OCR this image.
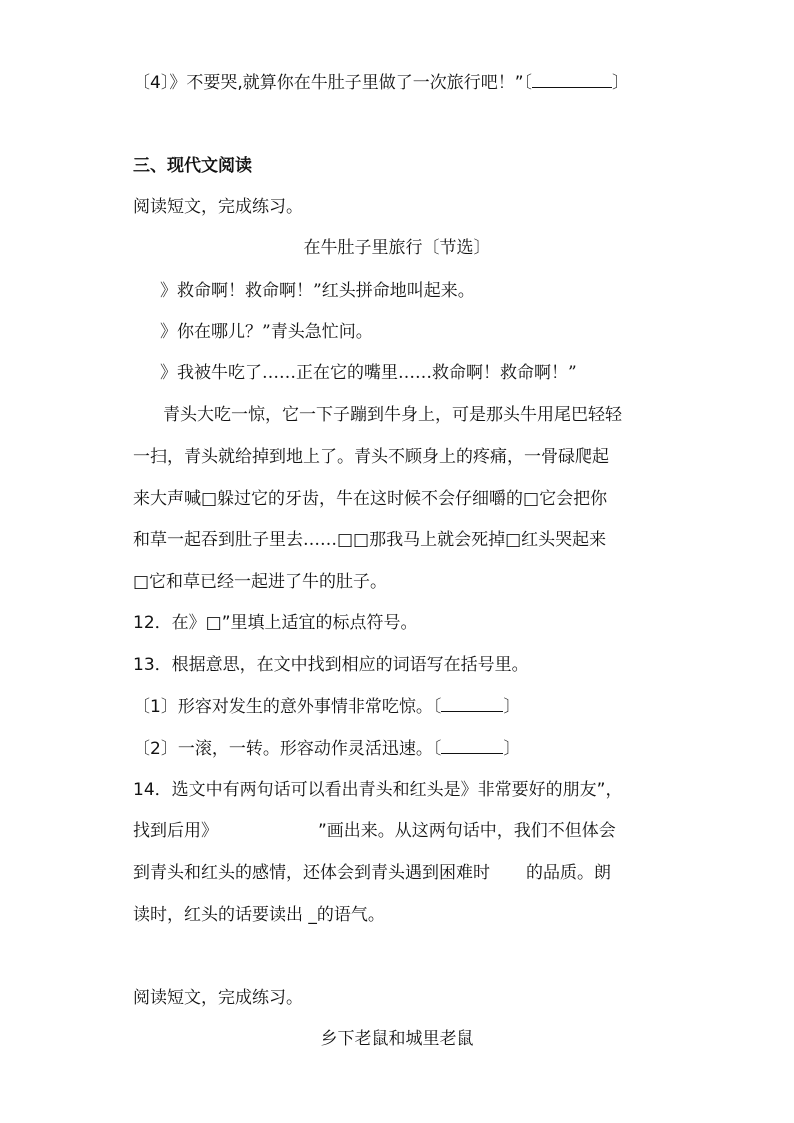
〔4〕》不要哭,就算你在牛肚子里做了一次旅行吧！”〔	〕
三、现代文阅读
阅读短文，完成练习。
在牛肚子里旅行〔节选〕
》救命啊！救命啊！”红头拼命地叫起来。
》你在哪儿？”青头急忙问。
》我被牛吃了……正在它的嘴里……救命啊！救命啊！”
青头大吃一惊，它一下子蹦到牛身上，可是那头牛用尾巴轻轻
一扫，青头就给掉到地上了。青头不顾身上的疼痛，一骨碌爬起
来大声喊□躲过它的牙齿，牛在这时候不会仔细嚼的□它会把你
和草一起吞到肚子里去……□□那我马上就会死掉□红头哭起来
□它和草已经一起进了牛的肚子。
12．在》□”里填上适宜的标点符号。
13．根据意思，在文中找到相应的词语写在括号里。
〔1〕形容对发生的意外事情非常吃惊。〔	〕
〔2〕一滚，一转。形容动作灵活迅速。〔	〕
14．选文中有两句话可以看出青头和红头是》非常要好的朋友”，
找到后用》	”画出来。从这两句话中，我们不但体会
到青头和红头的感情，还体会到青头遇到困难时 的品质。朗
读时，红头的话要读出 _的语气。
阅读短文，完成练习。
乡下老鼠和城里老鼠
